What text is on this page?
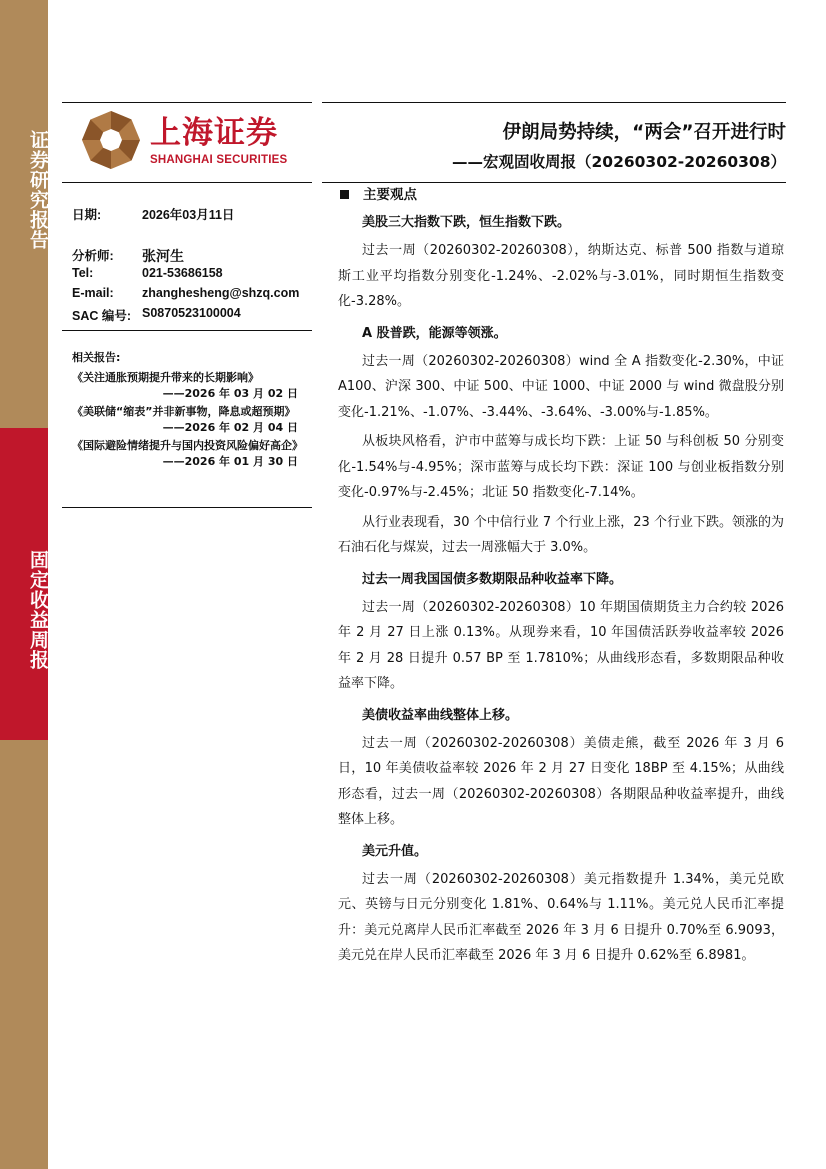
证券研究报告
固定收益周报
上海证券
SHANGHAI SECURITIES
伊朗局势持续，“两会”召开进行时
——宏观固收周报（20260302-20260308）
日期:	2026年03月11日
分析师: 张河生
Tel:	021-53686158
E-mail: zhanghesheng@shzq.com
SAC 编号: S0870523100004
相关报告:
《关注通胀预期提升带来的长期影响》
——2026 年 03 月 02 日
《美联储“缩表”并非新事物，降息或超预期》
——2026 年 02 月 04 日
《国际避险情绪提升与国内投资风险偏好高企》
——2026 年 01 月 30 日
主要观点
美股三大指数下跌，恒生指数下跌。

过去一周（20260302-20260308），纳斯达克、标普 500 指数与道琼斯工业平均指数分别变化-1.24%、-2.02%与-3.01%，同时期恒生指数变化-3.28%。

A 股普跌，能源等领涨。

过去一周（20260302-20260308）wind 全 A 指数变化-2.30%，中证 A100、沪深 300、中证 500、中证 1000、中证 2000 与 wind 微盘股分别变化-1.21%、-1.07%、-3.44%、-3.64%、-3.00%与-1.85%。

从板块风格看，沪市中蓝筹与成长均下跌：上证 50 与科创板 50 分别变化-1.54%与-4.95%；深市蓝筹与成长均下跌：深证 100 与创业板指数分别变化-0.97%与-2.45%；北证 50 指数变化-7.14%。

从行业表现看，30 个中信行业 7 个行业上涨，23 个行业下跌。领涨的为石油石化与煤炭，过去一周涨幅大于 3.0%。

过去一周我国国债多数期限品种收益率下降。

过去一周（20260302-20260308）10 年期国债期货主力合约较 2026 年 2 月 27 日上涨 0.13%。从现券来看，10 年国债活跃券收益率较 2026 年 2 月 28 日提升 0.57 BP 至 1.7810%；从曲线形态看，多数期限品种收益率下降。

美债收益率曲线整体上移。

过去一周（20260302-20260308）美债走熊，截至 2026 年 3 月 6 日，10 年美债收益率较 2026 年 2 月 27 日变化 18BP 至 4.15%；从曲线形态看，过去一周（20260302-20260308）各期限品种收益率提升，曲线整体上移。

美元升值。

过去一周（20260302-20260308）美元指数提升 1.34%，美元兑欧元、英镑与日元分别变化 1.81%、0.64%与 1.11%。美元兑人民币汇率提升：美元兑离岸人民币汇率截至 2026 年 3 月 6 日提升 0.70%至 6.9093，美元兑在岸人民币汇率截至 2026 年 3 月 6 日提升 0.62%至 6.8981。
